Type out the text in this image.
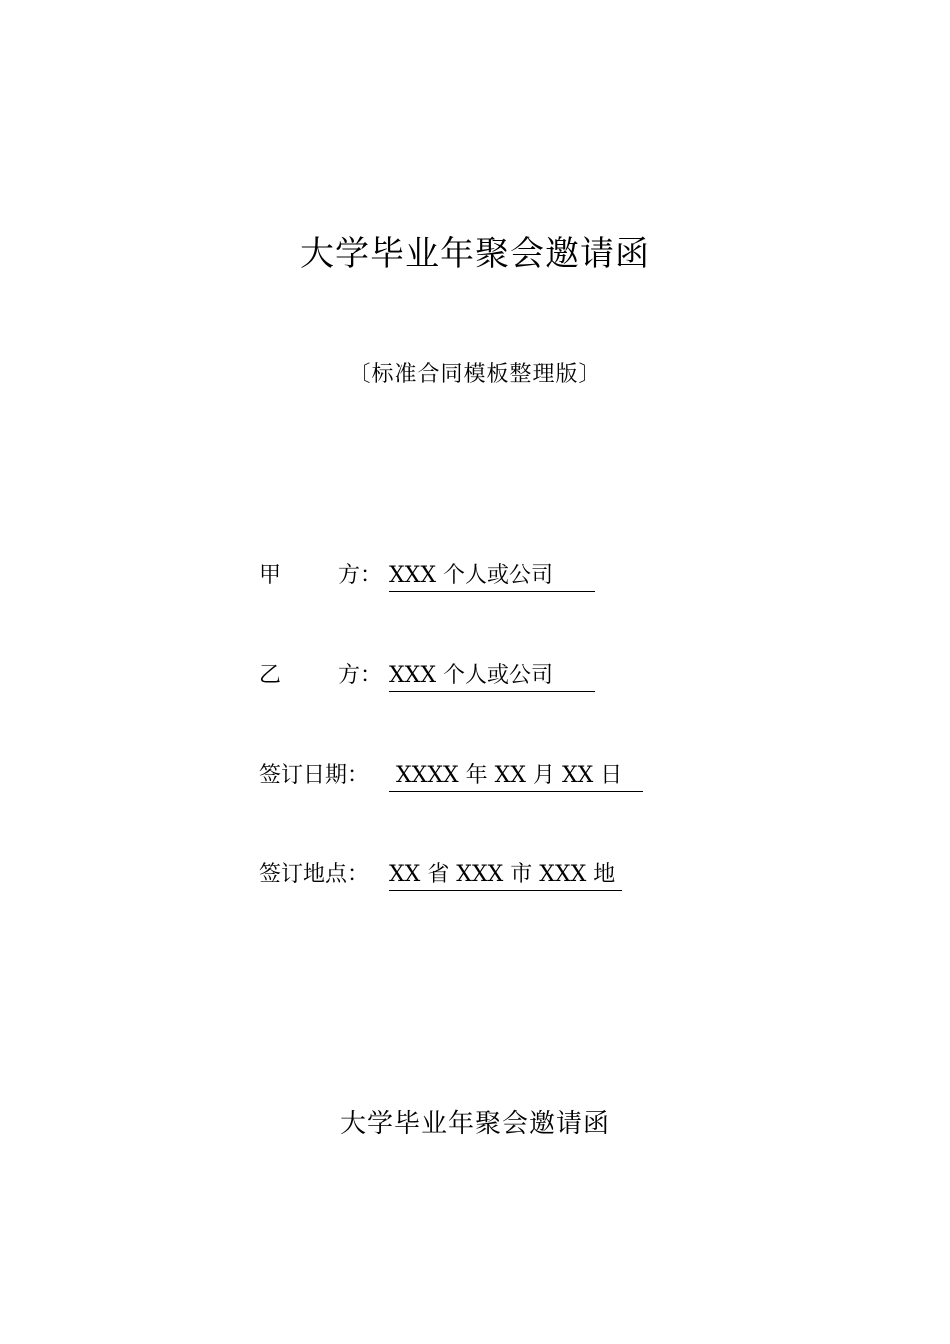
大学毕业年聚会邀请函
〔标准合同模板整理版〕
甲	方： XXX 个人或公司
乙	方： XXX 个人或公司
签订日期： XXXX 年 XX 月 XX 日
签订地点： XX 省 XXX 市 XXX 地
大学毕业年聚会邀请函
